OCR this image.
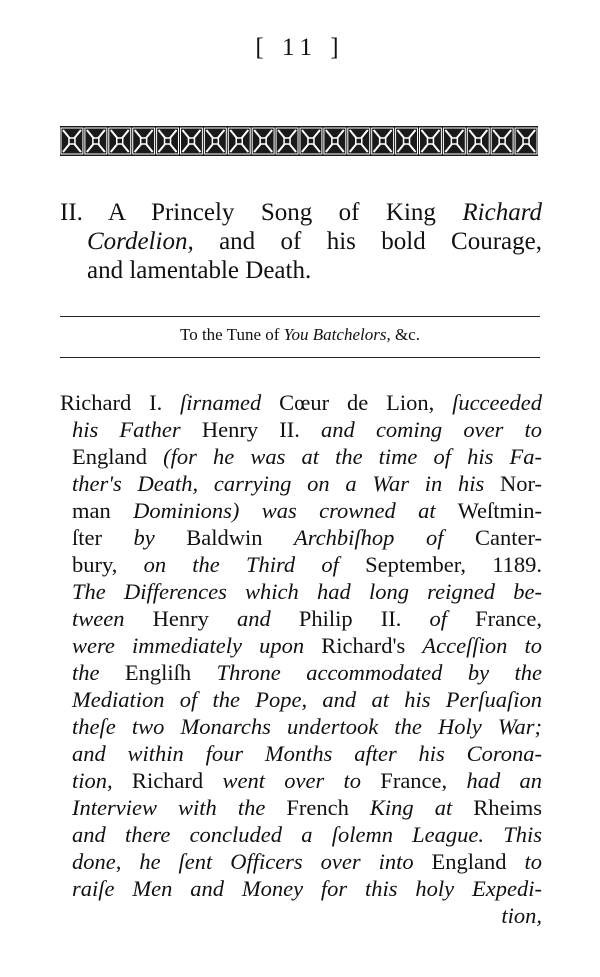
[ 11 ]
II. A Princely Song of King Richard
Cordelion, and of his bold Courage,
and lamentable Death.
To the Tune of You Batchelors, &c.
Richard I. ſirnamed Cœur de Lion, ſucceeded
his Father Henry II. and coming over to
England (for he was at the time of his Fa-
ther's Death, carrying on a War in his Nor-
man Dominions) was crowned at Weſtmin-
ſter by Baldwin Archbiſhop of Canter-
bury, on the Third of September, 1189.
The Differences which had long reigned be-
tween Henry and Philip II. of France,
were immediately upon Richard's Acceſſion to
the Engliſh Throne accommodated by the
Mediation of the Pope, and at his Perſuaſion
theſe two Monarchs undertook the Holy War;
and within four Months after his Corona-
tion, Richard went over to France, had an
Interview with the French King at Rheims
and there concluded a ſolemn League. This
done, he ſent Officers over into England to
raiſe Men and Money for this holy Expedi-
tion,
